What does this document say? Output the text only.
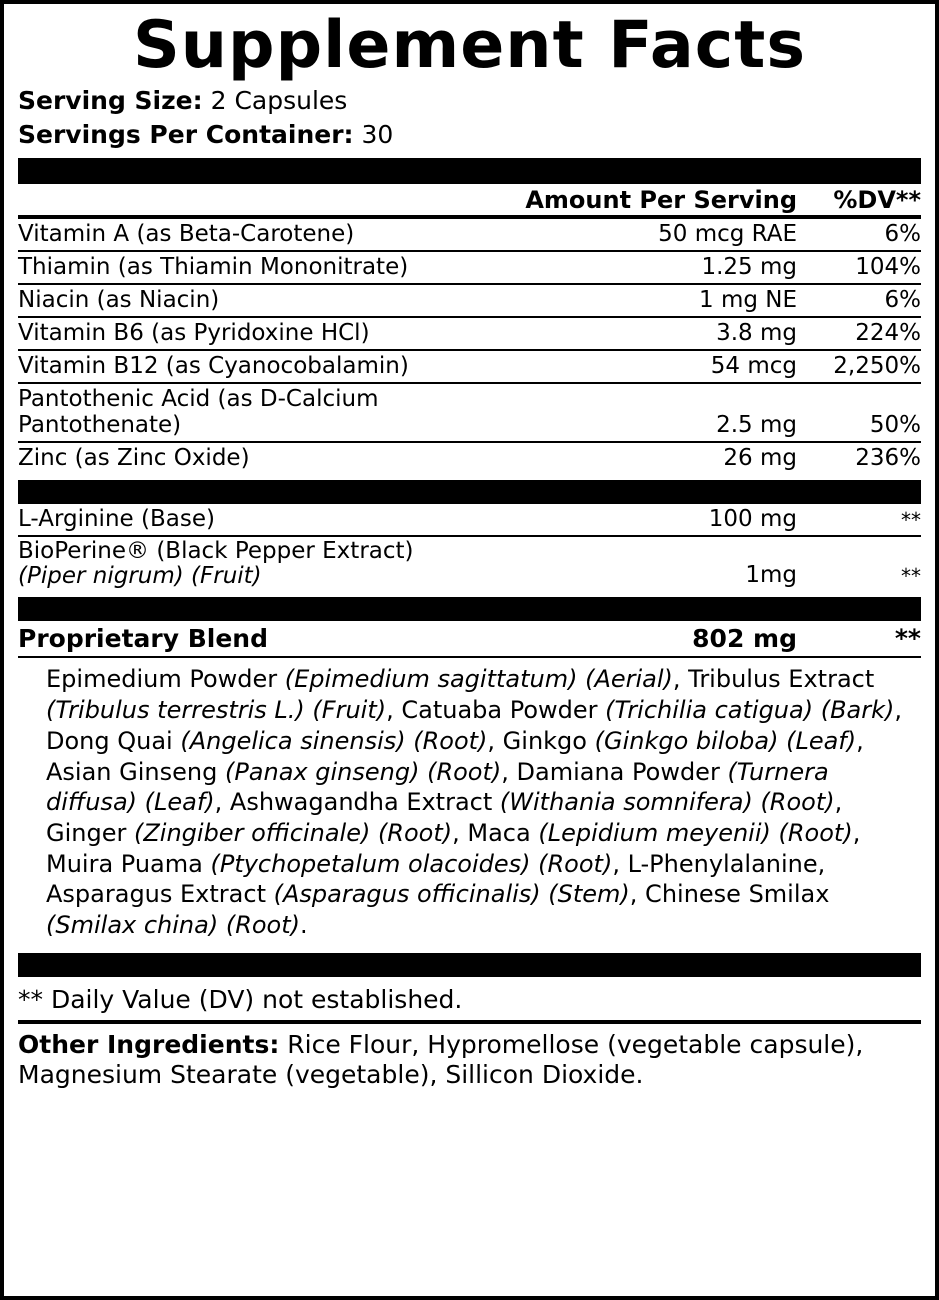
Supplement Facts
Serving Size: 2 Capsules
Servings Per Container: 30
	Amount Per Serving	%DV**
Vitamin A (as Beta-Carotene)	50 mcg RAE	6%
Thiamin (as Thiamin Mononitrate)	1.25 mg	104%
Niacin (as Niacin)	1 mg NE	6%
Vitamin B6 (as Pyridoxine HCl)	3.8 mg	224%
Vitamin B12 (as Cyanocobalamin)	54 mcg	2,250%
Pantothenic Acid (as D-Calcium Pantothenate)	2.5 mg	50%
Zinc (as Zinc Oxide)	26 mg	236%
L-Arginine (Base)	100 mg	**
BioPerine® (Black Pepper Extract)
(Piper nigrum) (Fruit)	1mg	**
Proprietary Blend	802 mg	**
Epimedium Powder (Epimedium sagittatum) (Aerial), Tribulus Extract (Tribulus terrestris L.) (Fruit), Catuaba Powder (Trichilia catigua) (Bark), Dong Quai (Angelica sinensis) (Root), Ginkgo (Ginkgo biloba) (Leaf), Asian Ginseng (Panax ginseng) (Root), Damiana Powder (Turnera diffusa) (Leaf), Ashwagandha Extract (Withania somnifera) (Root), Ginger (Zingiber officinale) (Root), Maca (Lepidium meyenii) (Root), Muira Puama (Ptychopetalum olacoides) (Root), L-Phenylalanine, Asparagus Extract (Asparagus officinalis) (Stem), Chinese Smilax (Smilax china) (Root).
** Daily Value (DV) not established.
Other Ingredients: Rice Flour, Hypromellose (vegetable capsule), Magnesium Stearate (vegetable), Sillicon Dioxide.
